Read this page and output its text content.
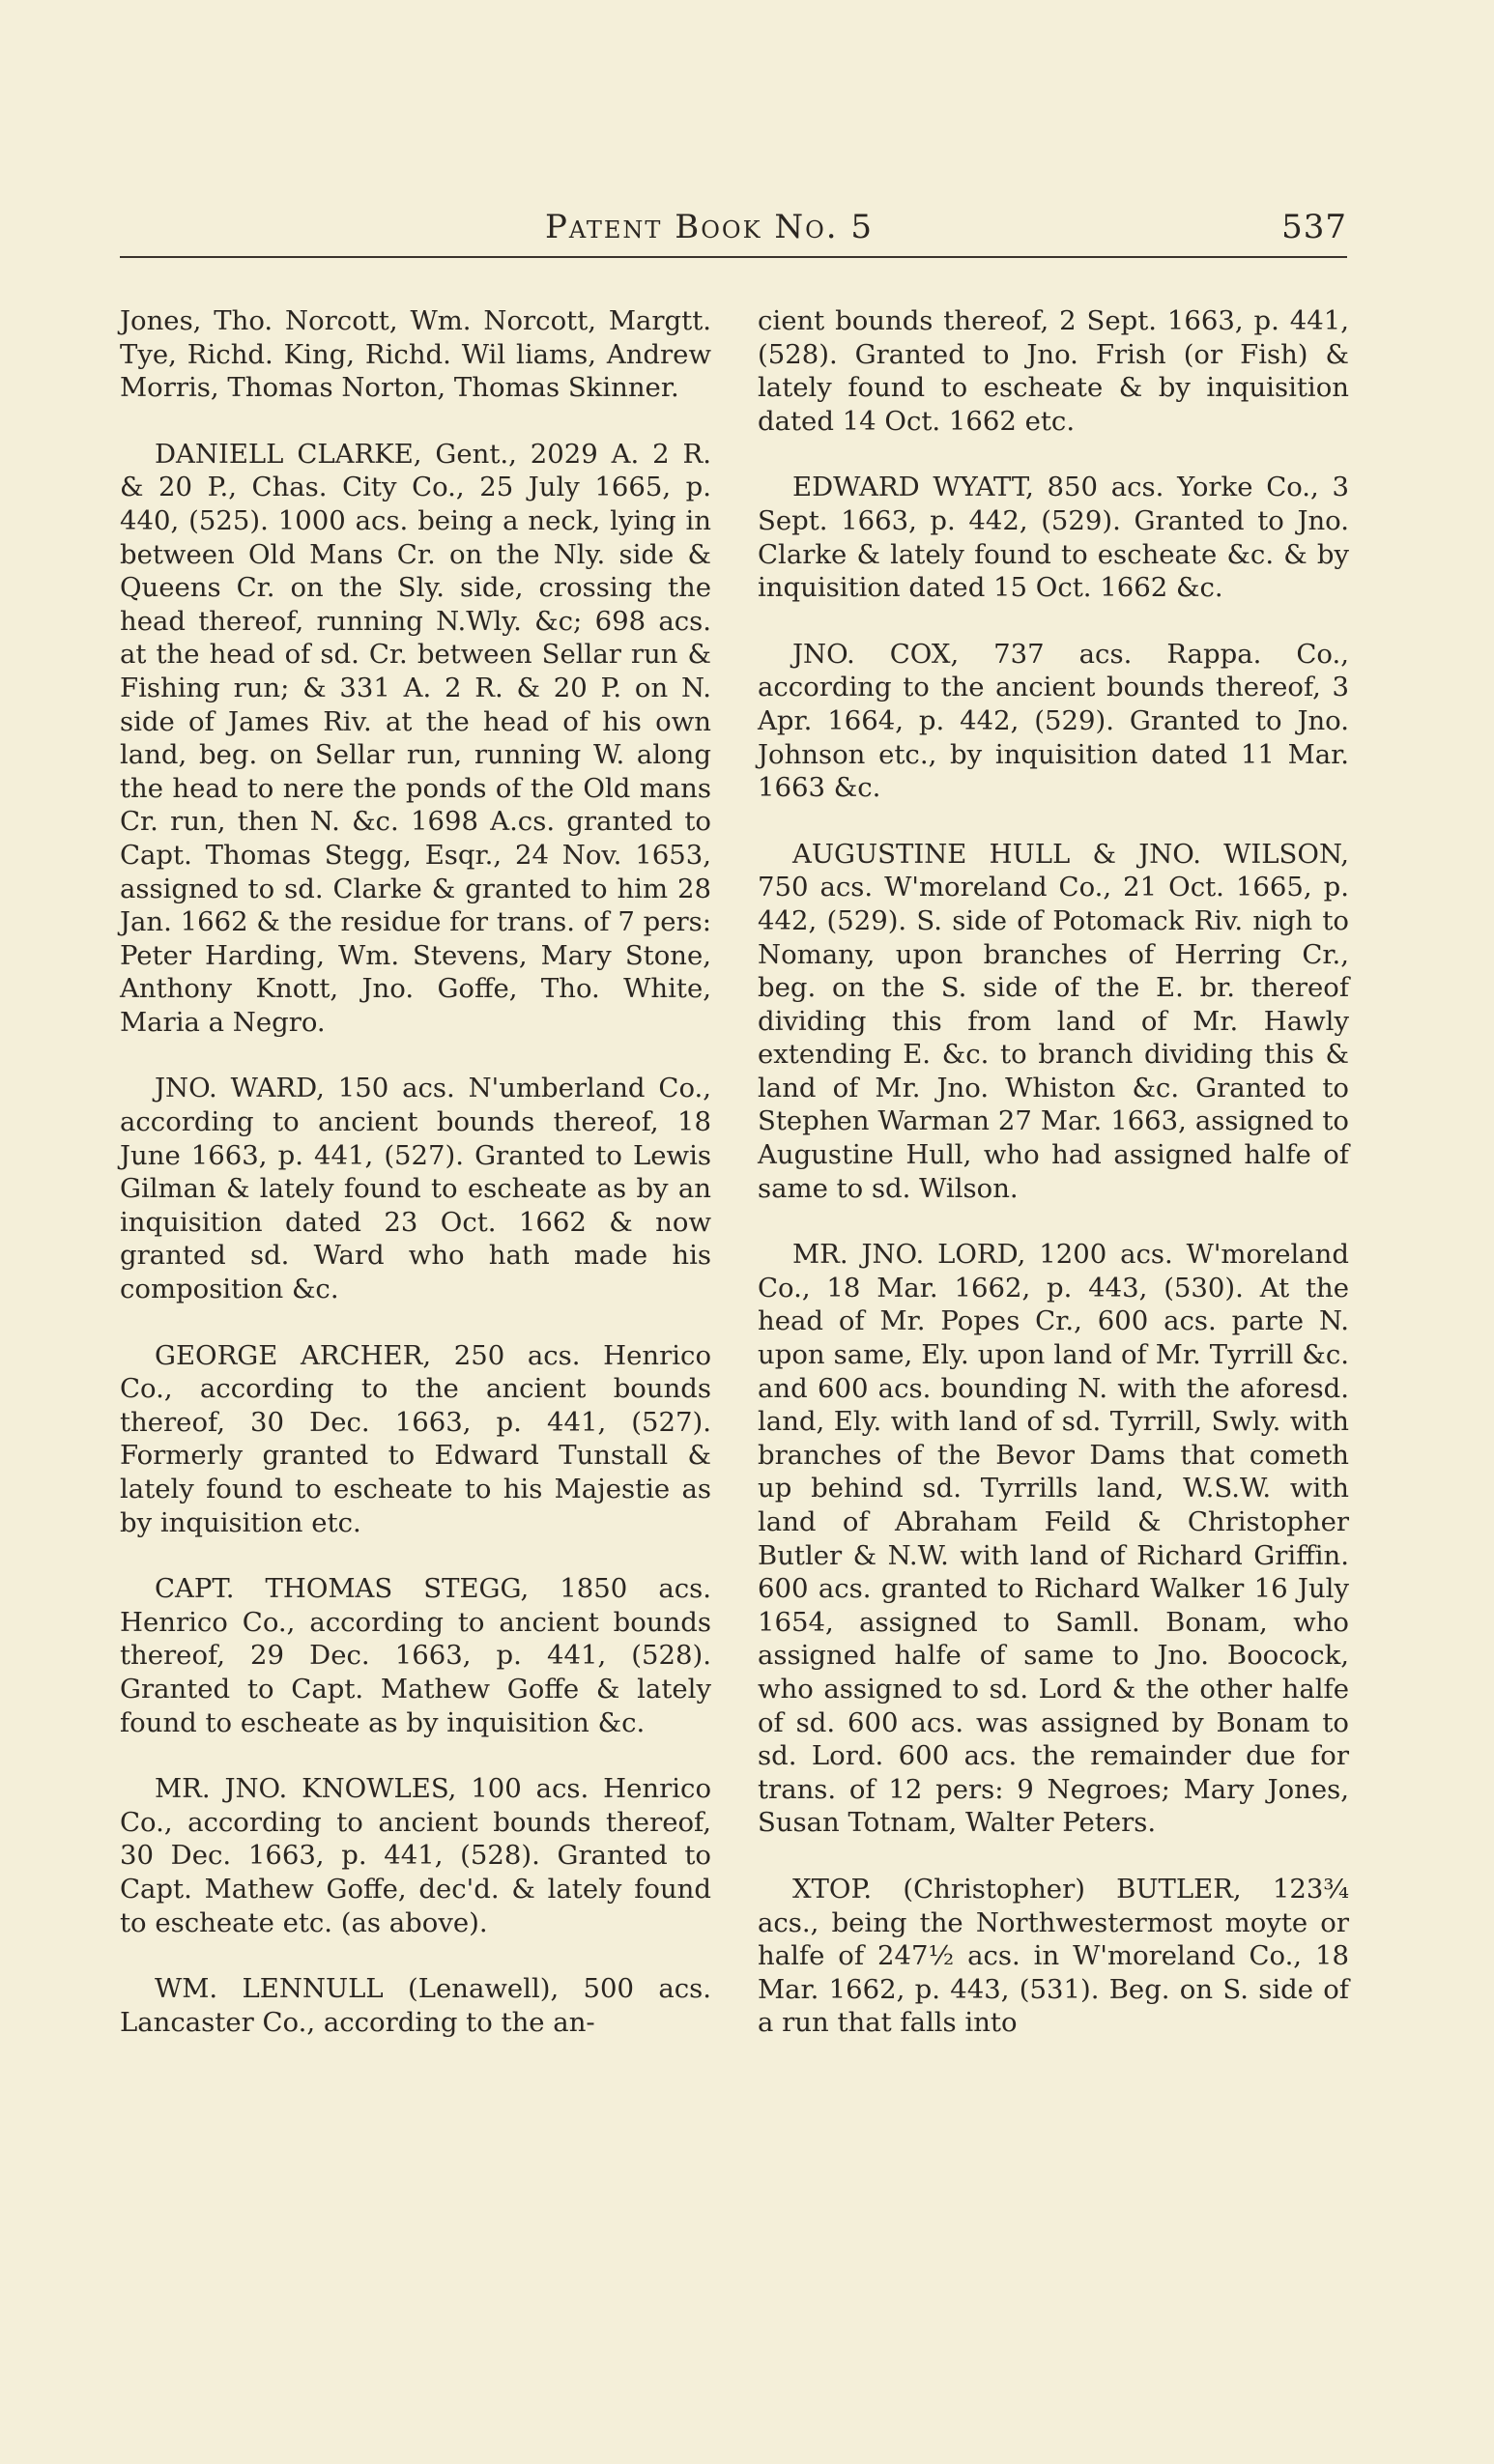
Patent Book No. 5	537

Jones, Tho. Norcott, Wm. Norcott, Margtt. Tye, Richd. King, Richd. Wil liams, Andrew Morris, Thomas Norton, Thomas Skinner.

DANIELL CLARKE, Gent., 2029 A. 2 R. & 20 P., Chas. City Co., 25 July 1665, p. 440, (525). 1000 acs. being a neck, lying in between Old Mans Cr. on the Nly. side & Queens Cr. on the Sly. side, crossing the head thereof, running N.Wly. &c; 698 acs. at the head of sd. Cr. between Sellar run & Fishing run; & 331 A. 2 R. & 20 P. on N. side of James Riv. at the head of his own land, beg. on Sellar run, running W. along the head to nere the ponds of the Old mans Cr. run, then N. &c. 1698 A.cs. granted to Capt. Thomas Stegg, Esqr., 24 Nov. 1653, assigned to sd. Clarke & granted to him 28 Jan. 1662 & the residue for trans. of 7 pers: Peter Harding, Wm. Stevens, Mary Stone, Anthony Knott, Jno. Goffe, Tho. White, Maria a Negro.

JNO. WARD, 150 acs. N'umberland Co., according to ancient bounds thereof, 18 June 1663, p. 441, (527). Granted to Lewis Gilman & lately found to escheate as by an inquisition dated 23 Oct. 1662 & now granted sd. Ward who hath made his composition &c.

GEORGE ARCHER, 250 acs. Henrico Co., according to the ancient bounds thereof, 30 Dec. 1663, p. 441, (527). Formerly granted to Edward Tunstall & lately found to escheate to his Majestie as by inquisition etc.

CAPT. THOMAS STEGG, 1850 acs. Henrico Co., according to ancient bounds thereof, 29 Dec. 1663, p. 441, (528). Granted to Capt. Mathew Goffe & lately found to escheate as by inquisition &c.

MR. JNO. KNOWLES, 100 acs. Henrico Co., according to ancient bounds thereof, 30 Dec. 1663, p. 441, (528). Granted to Capt. Mathew Goffe, dec'd. & lately found to escheate etc. (as above).

WM. LENNULL (Lenawell), 500 acs. Lancaster Co., according to the an-

cient bounds thereof, 2 Sept. 1663, p. 441, (528). Granted to Jno. Frish (or Fish) & lately found to escheate & by inquisition dated 14 Oct. 1662 etc.

EDWARD WYATT, 850 acs. Yorke Co., 3 Sept. 1663, p. 442, (529). Granted to Jno. Clarke & lately found to escheate &c. & by inquisition dated 15 Oct. 1662 &c.

JNO. COX, 737 acs. Rappa. Co., according to the ancient bounds thereof, 3 Apr. 1664, p. 442, (529). Granted to Jno. Johnson etc., by inquisition dated 11 Mar. 1663 &c.

AUGUSTINE HULL & JNO. WILSON, 750 acs. W'moreland Co., 21 Oct. 1665, p. 442, (529). S. side of Potomack Riv. nigh to Nomany, upon branches of Herring Cr., beg. on the S. side of the E. br. thereof dividing this from land of Mr. Hawly extending E. &c. to branch dividing this & land of Mr. Jno. Whiston &c. Granted to Stephen Warman 27 Mar. 1663, assigned to Augustine Hull, who had assigned halfe of same to sd. Wilson.

MR. JNO. LORD, 1200 acs. W'moreland Co., 18 Mar. 1662, p. 443, (530). At the head of Mr. Popes Cr., 600 acs. parte N. upon same, Ely. upon land of Mr. Tyrrill &c. and 600 acs. bounding N. with the aforesd. land, Ely. with land of sd. Tyrrill, Swly. with branches of the Bevor Dams that cometh up behind sd. Tyrrills land, W.S.W. with land of Abraham Feild & Christopher Butler & N.W. with land of Richard Griffin. 600 acs. granted to Richard Walker 16 July 1654, assigned to Samll. Bonam, who assigned halfe of same to Jno. Boocock, who assigned to sd. Lord & the other halfe of sd. 600 acs. was assigned by Bonam to sd. Lord. 600 acs. the remainder due for trans. of 12 pers: 9 Negroes; Mary Jones, Susan Totnam, Walter Peters.

XTOP. (Christopher) BUTLER, 123¾ acs., being the Northwestermost moyte or halfe of 247½ acs. in W'moreland Co., 18 Mar. 1662, p. 443, (531). Beg. on S. side of a run that falls into
